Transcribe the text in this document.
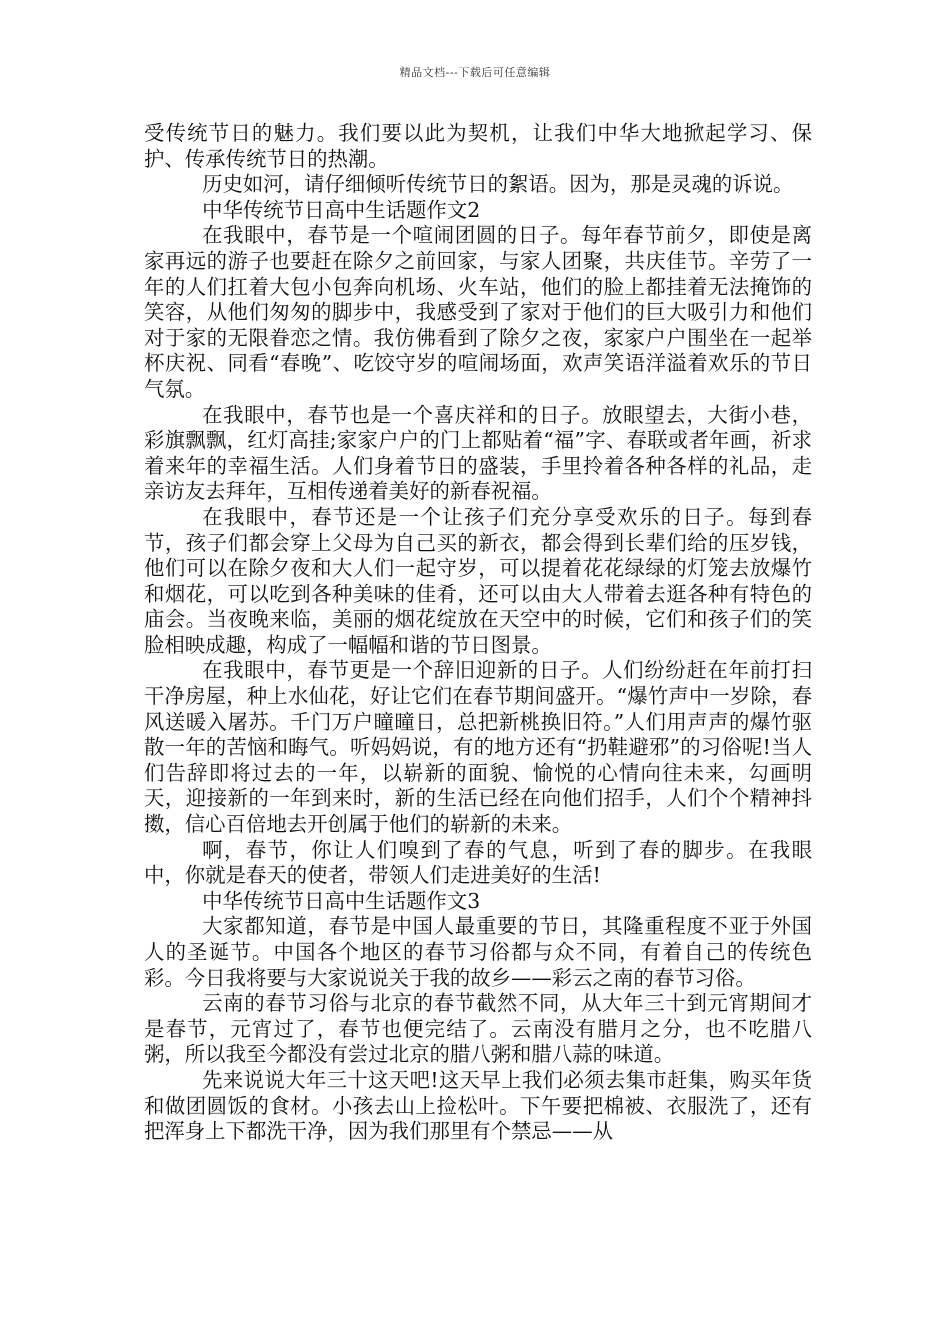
精品文档---下载后可任意编辑

受传统节日的魅力。我们要以此为契机，让我们中华大地掀起学习、保护、传承传统节日的热潮。

历史如河，请仔细倾听传统节日的絮语。因为，那是灵魂的诉说。

中华传统节日高中生话题作文2

在我眼中，春节是一个喧闹团圆的日子。每年春节前夕，即使是离家再远的游子也要赶在除夕之前回家，与家人团聚，共庆佳节。辛劳了一年的人们扛着大包小包奔向机场、火车站，他们的脸上都挂着无法掩饰的笑容，从他们匆匆的脚步中，我感受到了家对于他们的巨大吸引力和他们对于家的无限眷恋之情。我仿佛看到了除夕之夜，家家户户围坐在一起举杯庆祝、同看“春晚”、吃饺守岁的喧闹场面，欢声笑语洋溢着欢乐的节日气氛。

在我眼中，春节也是一个喜庆祥和的日子。放眼望去，大街小巷，彩旗飘飘，红灯高挂;家家户户的门上都贴着“福”字、春联或者年画，祈求着来年的幸福生活。人们身着节日的盛装，手里拎着各种各样的礼品，走亲访友去拜年，互相传递着美好的新春祝福。

在我眼中，春节还是一个让孩子们充分享受欢乐的日子。每到春节，孩子们都会穿上父母为自己买的新衣，都会得到长辈们给的压岁钱，他们可以在除夕夜和大人们一起守岁，可以提着花花绿绿的灯笼去放爆竹和烟花，可以吃到各种美味的佳肴，还可以由大人带着去逛各种有特色的庙会。当夜晚来临，美丽的烟花绽放在天空中的时候，它们和孩子们的笑脸相映成趣，构成了一幅幅和谐的节日图景。

在我眼中，春节更是一个辞旧迎新的日子。人们纷纷赶在年前打扫干净房屋，种上水仙花，好让它们在春节期间盛开。“爆竹声中一岁除，春风送暖入屠苏。千门万户曈曈日，总把新桃换旧符。”人们用声声的爆竹驱散一年的苦恼和晦气。听妈妈说，有的地方还有“扔鞋避邪”的习俗呢!当人们告辞即将过去的一年，以崭新的面貌、愉悦的心情向往未来，勾画明天，迎接新的一年到来时，新的生活已经在向他们招手，人们个个精神抖擞，信心百倍地去开创属于他们的崭新的未来。

啊，春节，你让人们嗅到了春的气息，听到了春的脚步。在我眼中，你就是春天的使者，带领人们走进美好的生活!

中华传统节日高中生话题作文3

大家都知道，春节是中国人最重要的节日，其隆重程度不亚于外国人的圣诞节。中国各个地区的春节习俗都与众不同，有着自己的传统色彩。今日我将要与大家说说关于我的故乡——彩云之南的春节习俗。

云南的春节习俗与北京的春节截然不同，从大年三十到元宵期间才是春节，元宵过了，春节也便完结了。云南没有腊月之分，也不吃腊八粥，所以我至今都没有尝过北京的腊八粥和腊八蒜的味道。

先来说说大年三十这天吧!这天早上我们必须去集市赶集，购买年货和做团圆饭的食材。小孩去山上捡松叶。下午要把棉被、衣服洗了，还有把浑身上下都洗干净，因为我们那里有个禁忌——从
